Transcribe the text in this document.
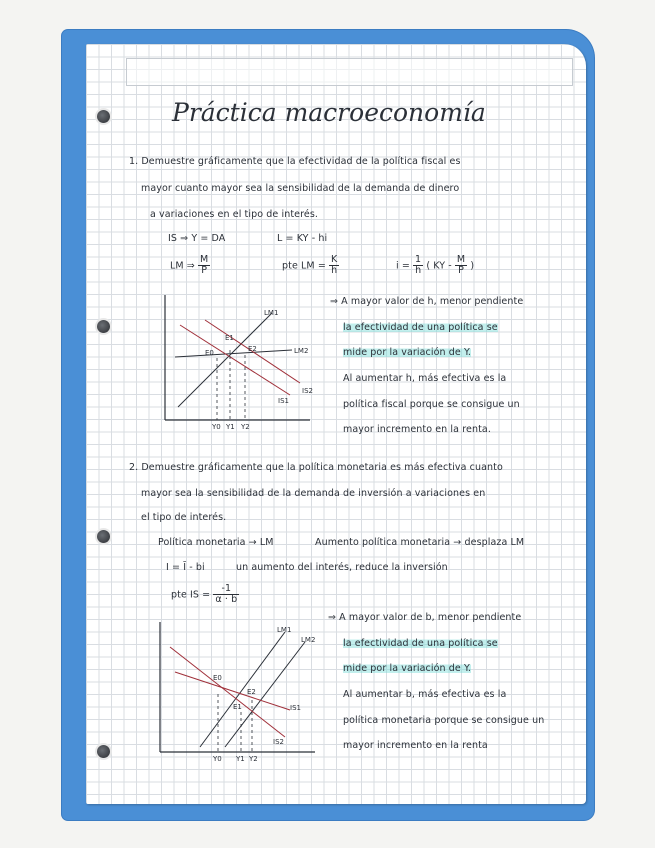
Práctica macroeconomía
1. Demuestre gráficamente que la efectividad de la política fiscal es
mayor cuanto mayor sea la sensibilidad de la demanda de dinero
a variaciones en el tipo de interés.
IS ⇒ Y = DA	L = KY - hi
LM ⇒ $\frac{M}{P}$	pte LM = $\frac{K}{h}$	$i = \frac{1}{h}$ ( KY - $\frac{M}{P}$ )
LM1
LM2
IS1
IS2
E0
E1
E2
Y0 Y1 Y2
⇒ A mayor valor de h, menor pendiente
la efectividad de una política se
mide por la variación de Y.
Al aumentar h, más efectiva es la
política fiscal porque se consigue un
mayor incremento en la renta.
2. Demuestre gráficamente que la política monetaria es más efectiva cuanto
mayor sea la sensibilidad de la demanda de inversión a variaciones en
el tipo de interés.
Política monetaria → LM	Aumento política monetaria → desplaza LM
I = Ī - bi	un aumento del interés, reduce la inversión
pte IS = $\frac{-1}{\alpha \cdot b}$
LM1
LM2
IS1
IS2
E0
E1
E2
Y0 Y1 Y2
⇒ A mayor valor de b, menor pendiente
la efectividad de una política se
mide por la variación de Y.
Al aumentar b, más efectiva es la
política monetaria porque se consigue un
mayor incremento en la renta
